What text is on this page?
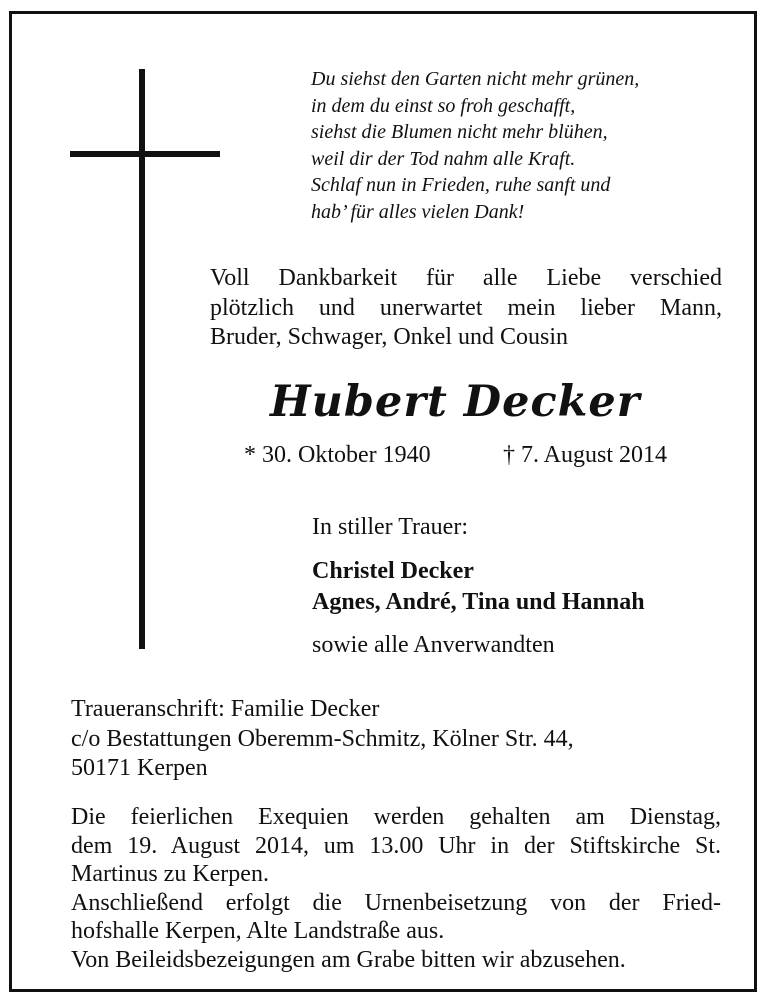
Du siehst den Garten nicht mehr grünen,
in dem du einst so froh geschafft,
siehst die Blumen nicht mehr blühen,
weil dir der Tod nahm alle Kraft.
Schlaf nun in Frieden, ruhe sanft und
hab’ für alles vielen Dank!
Voll Dankbarkeit für alle Liebe verschied
plötzlich und unerwartet mein lieber Mann,
Bruder, Schwager, Onkel und Cousin
Hubert Decker
* 30. Oktober 1940	† 7. August 2014
In stiller Trauer:
Christel Decker
Agnes, André, Tina und Hannah
sowie alle Anverwandten
Traueranschrift: Familie Decker
c/o Bestattungen Oberemm-Schmitz, Kölner Str. 44,
50171 Kerpen
Die feierlichen Exequien werden gehalten am Dienstag,
dem 19. August 2014, um 13.00 Uhr in der Stiftskirche St.
Martinus zu Kerpen.
Anschließend erfolgt die Urnenbeisetzung von der Fried-
hofshalle Kerpen, Alte Landstraße aus.
Von Beileidsbezeigungen am Grabe bitten wir abzusehen.
